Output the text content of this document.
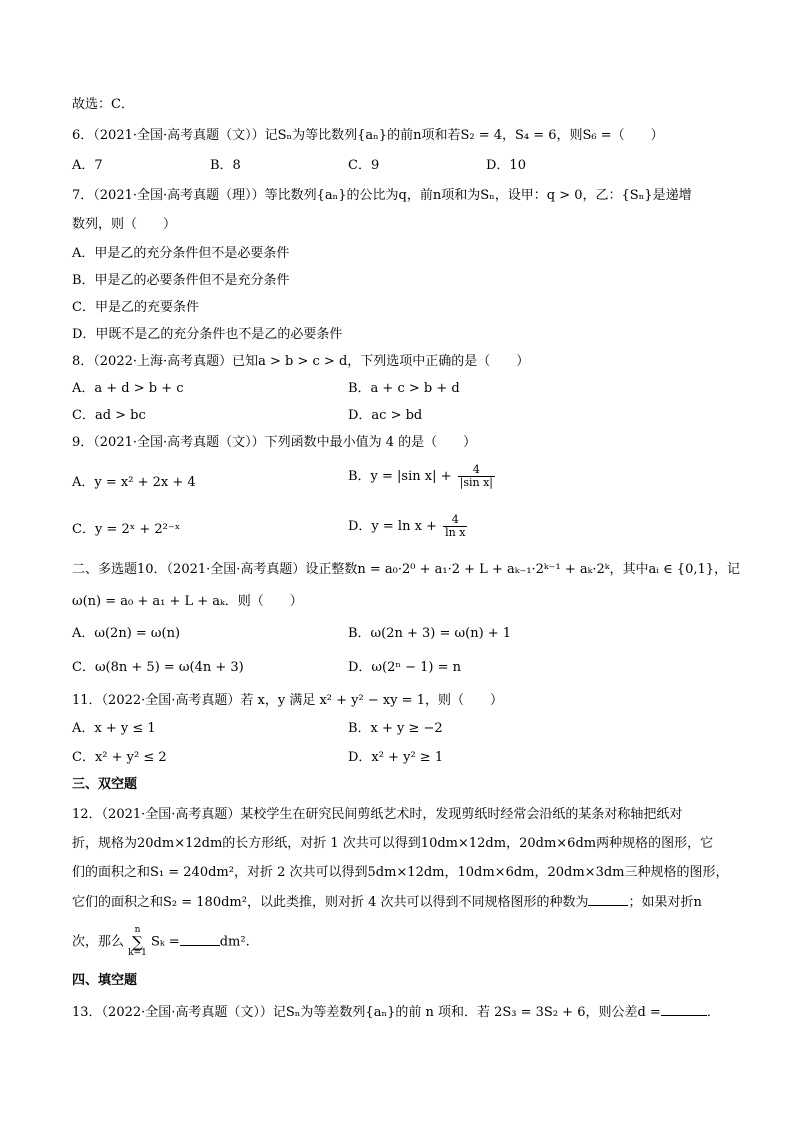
故选：C．
6．（2021·全国·高考真题（文））记Sₙ为等比数列{aₙ}的前n项和若S₂ = 4，S₄ = 6，则S₆ =（　　）
A．7	B．8	C．9	D．10
7．（2021·全国·高考真题（理））等比数列{aₙ}的公比为q，前n项和为Sₙ，设甲：q > 0，乙：{Sₙ}是递增
数列，则（　　）
A．甲是乙的充分条件但不是必要条件
B．甲是乙的必要条件但不是充分条件
C．甲是乙的充要条件
D．甲既不是乙的充分条件也不是乙的必要条件
8．（2022·上海·高考真题）已知a > b > c > d，下列选项中正确的是（　　）
A．a + d > b + c	B．a + c > b + d
C．ad > bc	D．ac > bd
9．（2021·全国·高考真题（文））下列函数中最小值为 4 的是（　　）
A．y = x² + 2x + 4	B．y = |sin $x| + \frac{4}{\text{|sin x|}}$
C．y = 2ˣ + 2²⁻ˣ	D．$y = \ln x + \frac{4}{\text{ln x}}$
二、多选题10．（2021·全国·高考真题）设正整数n = a₀·2⁰ + a₁·2 + L + aₖ₋₁·2ᵏ⁻¹ + aₖ·2ᵏ，其中aᵢ ∈ {0,1}，记
ω(n) = a₀ + a₁ + L + aₖ．则（　　）
A．ω(2n) = ω(n)	B．ω(2n + 3) = ω(n) + 1
C．ω(8n + 5) = ω(4n + 3)	D．ω(2ⁿ − 1) = n
11．（2022·全国·高考真题）若 x，y 满足 x² + y² − xy = 1，则（　　）
A．x + y ≤ 1	B．x + y ≥ −2
C．x² + y² ≤ 2	D．x² + y² ≥ 1
三、双空题
12．（2021·全国·高考真题）某校学生在研究民间剪纸艺术时，发现剪纸时经常会沿纸的某条对称轴把纸对
折，规格为20dm×12dm的长方形纸，对折 1 次共可以得到10dm×12dm，20dm×6dm两种规格的图形，它
们的面积之和S₁ = 240dm²，对折 2 次共可以得到5dm×12dm，10dm×6dm，20dm×3dm三种规格的图形，
它们的面积之和S₂ = 180dm²，以此类推，则对折 4 次共可以得到不同规格图形的种数为	；如果对折n
次，那么 n
∑
k=1 Sₖ =	dm².
四、填空题
13．（2022·全国·高考真题（文））记Sₙ为等差数列{aₙ}的前 n 项和．若 2S₃ = 3S₂ + 6，则公差d =	．
